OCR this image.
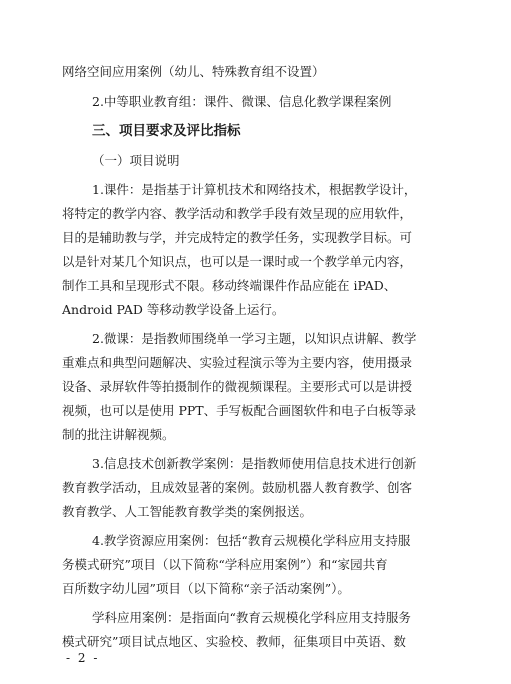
网络空间应用案例（幼儿、特殊教育组不设置）
2.中等职业教育组：课件、微课、信息化教学课程案例
三、项目要求及评比指标
（一）项目说明
1.课件：是指基于计算机技术和网络技术，根据教学设计，
将特定的教学内容、教学活动和教学手段有效呈现的应用软件，
目的是辅助教与学，并完成特定的教学任务，实现教学目标。可
以是针对某几个知识点，也可以是一课时或一个教学单元内容，
制作工具和呈现形式不限。移动终端课件作品应能在 iPAD、
Android PAD 等移动教学设备上运行。
2.微课：是指教师围绕单一学习主题，以知识点讲解、教学
重难点和典型问题解决、实验过程演示等为主要内容，使用摄录
设备、录屏软件等拍摄制作的微视频课程。主要形式可以是讲授
视频，也可以是使用 PPT、手写板配合画图软件和电子白板等录
制的批注讲解视频。
3.信息技术创新教学案例：是指教师使用信息技术进行创新
教育教学活动，且成效显著的案例。鼓励机器人教育教学、创客
教育教学、人工智能教育教学类的案例报送。
4.教学资源应用案例：包括“教育云规模化学科应用支持服
务模式研究”项目（以下简称“学科应用案例”）和“家园共育
百所数字幼儿园”项目（以下简称“亲子活动案例”）。
学科应用案例：是指面向“教育云规模化学科应用支持服务
模式研究”项目试点地区、实验校、教师，征集项目中英语、数
- 2 -
